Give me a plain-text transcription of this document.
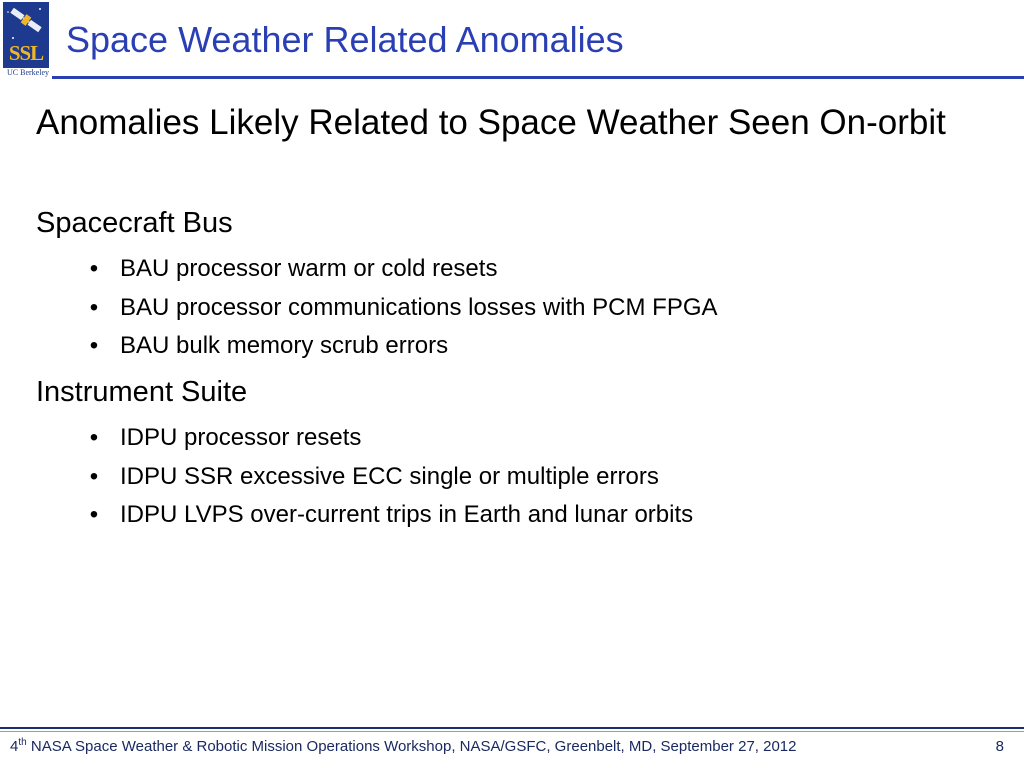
SSL
UC Berkeley
Space Weather Related Anomalies
Anomalies Likely Related to Space Weather Seen On-orbit
Spacecraft Bus
• BAU processor warm or cold resets
• BAU processor communications losses with PCM FPGA
• BAU bulk memory scrub errors
Instrument Suite
• IDPU processor resets
• IDPU SSR excessive ECC single or multiple errors
• IDPU LVPS over-current trips in Earth and lunar orbits
4th NASA Space Weather & Robotic Mission Operations Workshop, NASA/GSFC, Greenbelt, MD, September 27, 2012	8
